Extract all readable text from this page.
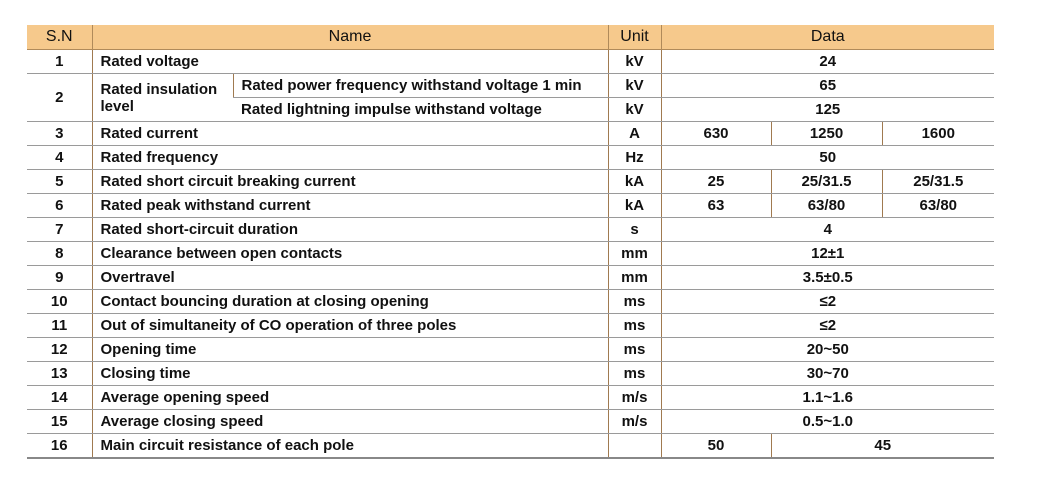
S.N	Name		Unit	Data		
1	Rated voltage		kV	24		
2	Rated insulation level	Rated power frequency withstand voltage 1 min	kV	65		
		Rated lightning impulse withstand voltage	kV	125		
3	Rated current		A	630	1250	1600
4	Rated frequency		Hz	50		
5	Rated short circuit breaking current		kA	25	25/31.5	25/31.5
6	Rated peak withstand current		kA	63	63/80	63/80
7	Rated short-circuit duration		s	4		
8	Clearance between open contacts		mm	12±1		
9	Overtravel		mm	3.5±0.5		
10	Contact bouncing duration at closing opening		ms	≤2		
11	Out of simultaneity of CO operation of three poles		ms	≤2		
12	Opening time		ms	20~50		
13	Closing time		ms	30~70		
14	Average opening speed		m/s	1.1~1.6		
15	Average closing speed		m/s	0.5~1.0		
16	Main circuit resistance of each pole			50	45	
